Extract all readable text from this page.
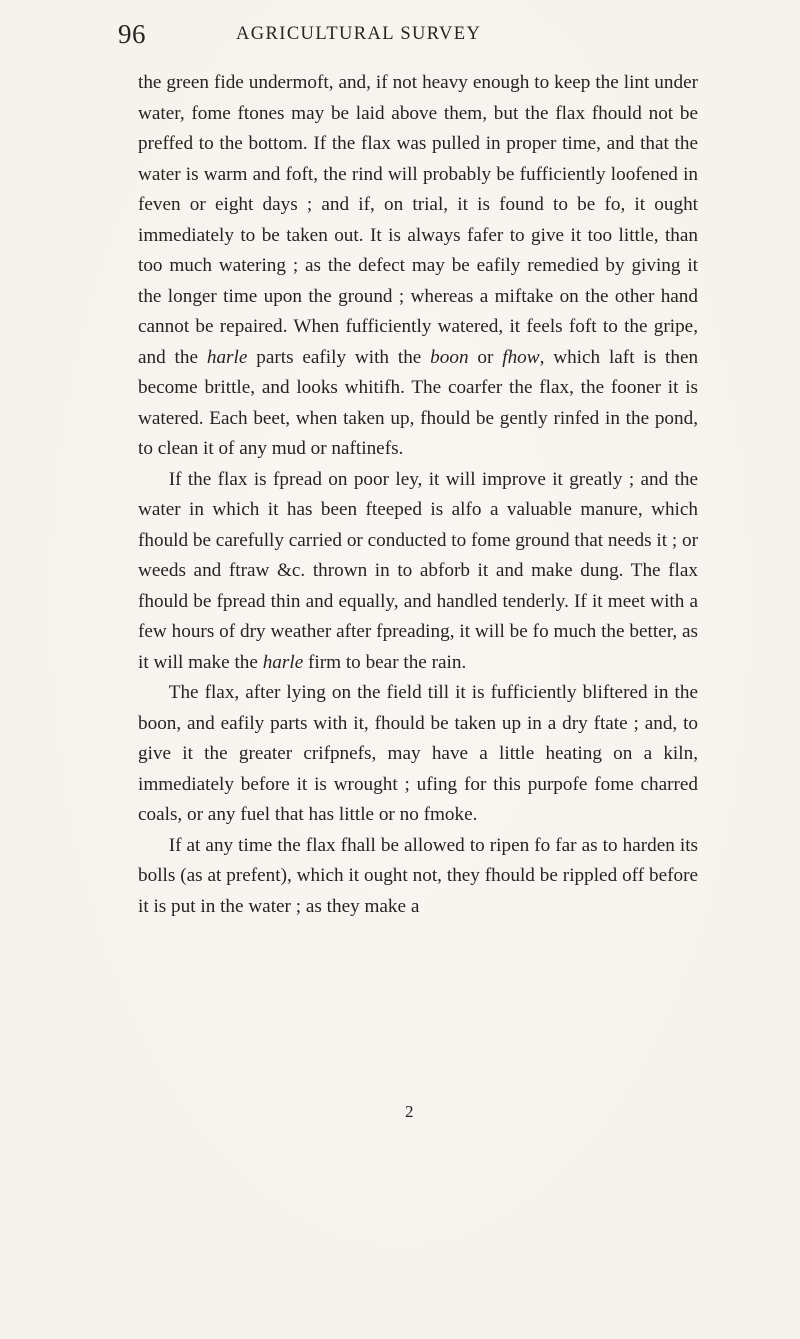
96	AGRICULTURAL SURVEY

the green fide undermoft, and, if not heavy enough to keep the lint under water, fome ftones may be laid above them, but the flax fhould not be preffed to the bottom. If the flax was pulled in proper time, and that the water is warm and foft, the rind will probably be fufficiently loofened in feven or eight days ; and if, on trial, it is found to be fo, it ought immediately to be taken out. It is always fafer to give it too little, than too much watering ; as the defect may be eafily remedied by giving it the longer time upon the ground ; whereas a miftake on the other hand cannot be repaired. When fufficiently watered, it feels foft to the gripe, and the harle parts eafily with the boon or fhow, which laft is then become brittle, and looks whitifh. The coarfer the flax, the fooner it is watered. Each beet, when taken up, fhould be gently rinfed in the pond, to clean it of any mud or naftinefs.

If the flax is fpread on poor ley, it will improve it greatly ; and the water in which it has been fteeped is alfo a valuable manure, which fhould be carefully carried or conducted to fome ground that needs it ; or weeds and ftraw &c. thrown in to abforb it and make dung. The flax fhould be fpread thin and equally, and handled tenderly. If it meet with a few hours of dry weather after fpreading, it will be fo much the better, as it will make the harle firm to bear the rain.

The flax, after lying on the field till it is fufficiently bliftered in the boon, and eafily parts with it, fhould be taken up in a dry ftate ; and, to give it the greater crifpnefs, may have a little heating on a kiln, immediately before it is wrought ; ufing for this purpofe fome charred coals, or any fuel that has little or no fmoke.

If at any time the flax fhall be allowed to ripen fo far as to harden its bolls (as at prefent), which it ought not, they fhould be rippled off before it is put in the water ; as they make a

2
